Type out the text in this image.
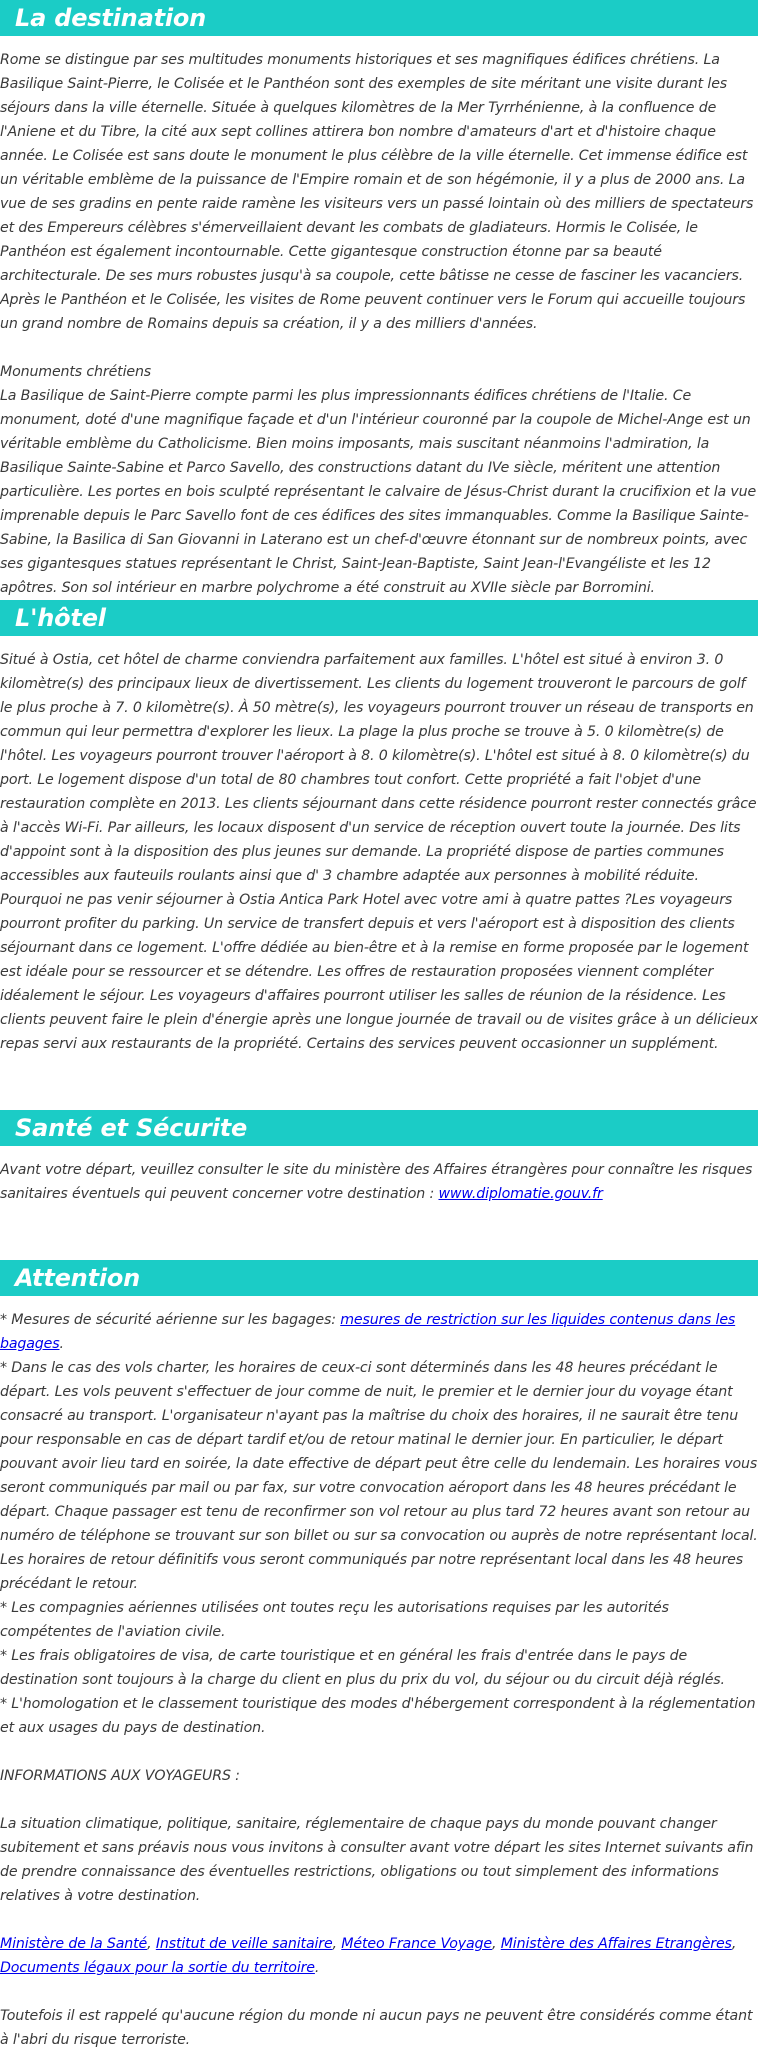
La destination

Rome se distingue par ses multitudes monuments historiques et ses magnifiques édifices chrétiens. La Basilique Saint-Pierre, le Colisée et le Panthéon sont des exemples de site méritant une visite durant les séjours dans la ville éternelle. Située à quelques kilomètres de la Mer Tyrrhénienne, à la confluence de l'Aniene et du Tibre, la cité aux sept collines attirera bon nombre d'amateurs d'art et d'histoire chaque année. Le Colisée est sans doute le monument le plus célèbre de la ville éternelle. Cet immense édifice est un véritable emblème de la puissance de l'Empire romain et de son hégémonie, il y a plus de 2000 ans. La vue de ses gradins en pente raide ramène les visiteurs vers un passé lointain où des milliers de spectateurs et des Empereurs célèbres s'émerveillaient devant les combats de gladiateurs. Hormis le Colisée, le Panthéon est également incontournable. Cette gigantesque construction étonne par sa beauté architecturale. De ses murs robustes jusqu'à sa coupole, cette bâtisse ne cesse de fasciner les vacanciers. Après le Panthéon et le Colisée, les visites de Rome peuvent continuer vers le Forum qui accueille toujours un grand nombre de Romains depuis sa création, il y a des milliers d'années.

Monuments chrétiens

La Basilique de Saint-Pierre compte parmi les plus impressionnants édifices chrétiens de l'Italie. Ce monument, doté d'une magnifique façade et d'un l'intérieur couronné par la coupole de Michel-Ange est un véritable emblème du Catholicisme. Bien moins imposants, mais suscitant néanmoins l'admiration, la Basilique Sainte-Sabine et Parco Savello, des constructions datant du IVe siècle, méritent une attention particulière. Les portes en bois sculpté représentant le calvaire de Jésus-Christ durant la crucifixion et la vue imprenable depuis le Parc Savello font de ces édifices des sites immanquables. Comme la Basilique Sainte-Sabine, la Basilica di San Giovanni in Laterano est un chef-d'œuvre étonnant sur de nombreux points, avec ses gigantesques statues représentant le Christ, Saint-Jean-Baptiste, Saint Jean-l'Evangéliste et les 12 apôtres. Son sol intérieur en marbre polychrome a été construit au XVIIe siècle par Borromini.

L'hôtel

Situé à Ostia, cet hôtel de charme conviendra parfaitement aux familles. L'hôtel est situé à environ 3. 0 kilomètre(s) des principaux lieux de divertissement. Les clients du logement trouveront le parcours de golf le plus proche à 7. 0 kilomètre(s). À 50 mètre(s), les voyageurs pourront trouver un réseau de transports en commun qui leur permettra d'explorer les lieux. La plage la plus proche se trouve à 5. 0 kilomètre(s) de l'hôtel. Les voyageurs pourront trouver l'aéroport à 8. 0 kilomètre(s). L'hôtel est situé à 8. 0 kilomètre(s) du port. Le logement dispose d'un total de 80 chambres tout confort. Cette propriété a fait l'objet d'une restauration complète en 2013. Les clients séjournant dans cette résidence pourront rester connectés grâce à l'accès Wi-Fi. Par ailleurs, les locaux disposent d'un service de réception ouvert toute la journée. Des lits d'appoint sont à la disposition des plus jeunes sur demande. La propriété dispose de parties communes accessibles aux fauteuils roulants ainsi que d' 3 chambre adaptée aux personnes à mobilité réduite. Pourquoi ne pas venir séjourner à Ostia Antica Park Hotel avec votre ami à quatre pattes ?Les voyageurs pourront profiter du parking. Un service de transfert depuis et vers l'aéroport est à disposition des clients séjournant dans ce logement. L'offre dédiée au bien-être et à la remise en forme proposée par le logement est idéale pour se ressourcer et se détendre. Les offres de restauration proposées viennent compléter idéalement le séjour. Les voyageurs d'affaires pourront utiliser les salles de réunion de la résidence. Les clients peuvent faire le plein d'énergie après une longue journée de travail ou de visites grâce à un délicieux repas servi aux restaurants de la propriété. Certains des services peuvent occasionner un supplément.

Santé et Sécurite

Avant votre départ, veuillez consulter le site du ministère des Affaires étrangères pour connaître les risques sanitaires éventuels qui peuvent concerner votre destination : www.diplomatie.gouv.fr

Attention

* Mesures de sécurité aérienne sur les bagages: mesures de restriction sur les liquides contenus dans les bagages.

* Dans le cas des vols charter, les horaires de ceux-ci sont déterminés dans les 48 heures précédant le départ. Les vols peuvent s'effectuer de jour comme de nuit, le premier et le dernier jour du voyage étant consacré au transport. L'organisateur n'ayant pas la maîtrise du choix des horaires, il ne saurait être tenu pour responsable en cas de départ tardif et/ou de retour matinal le dernier jour. En particulier, le départ pouvant avoir lieu tard en soirée, la date effective de départ peut être celle du lendemain. Les horaires vous seront communiqués par mail ou par fax, sur votre convocation aéroport dans les 48 heures précédant le départ. Chaque passager est tenu de reconfirmer son vol retour au plus tard 72 heures avant son retour au numéro de téléphone se trouvant sur son billet ou sur sa convocation ou auprès de notre représentant local. Les horaires de retour définitifs vous seront communiqués par notre représentant local dans les 48 heures précédant le retour.

* Les compagnies aériennes utilisées ont toutes reçu les autorisations requises par les autorités compétentes de l'aviation civile.

* Les frais obligatoires de visa, de carte touristique et en général les frais d'entrée dans le pays de destination sont toujours à la charge du client en plus du prix du vol, du séjour ou du circuit déjà réglés.

* L'homologation et le classement touristique des modes d'hébergement correspondent à la réglementation et aux usages du pays de destination.

INFORMATIONS AUX VOYAGEURS :

La situation climatique, politique, sanitaire, réglementaire de chaque pays du monde pouvant changer subitement et sans préavis nous vous invitons à consulter avant votre départ les sites Internet suivants afin de prendre connaissance des éventuelles restrictions, obligations ou tout simplement des informations relatives à votre destination.

Ministère de la Santé, Institut de veille sanitaire, Méteo France Voyage, Ministère des Affaires Etrangères, Documents légaux pour la sortie du territoire.

Toutefois il est rappelé qu'aucune région du monde ni aucun pays ne peuvent être considérés comme étant à l'abri du risque terroriste.
